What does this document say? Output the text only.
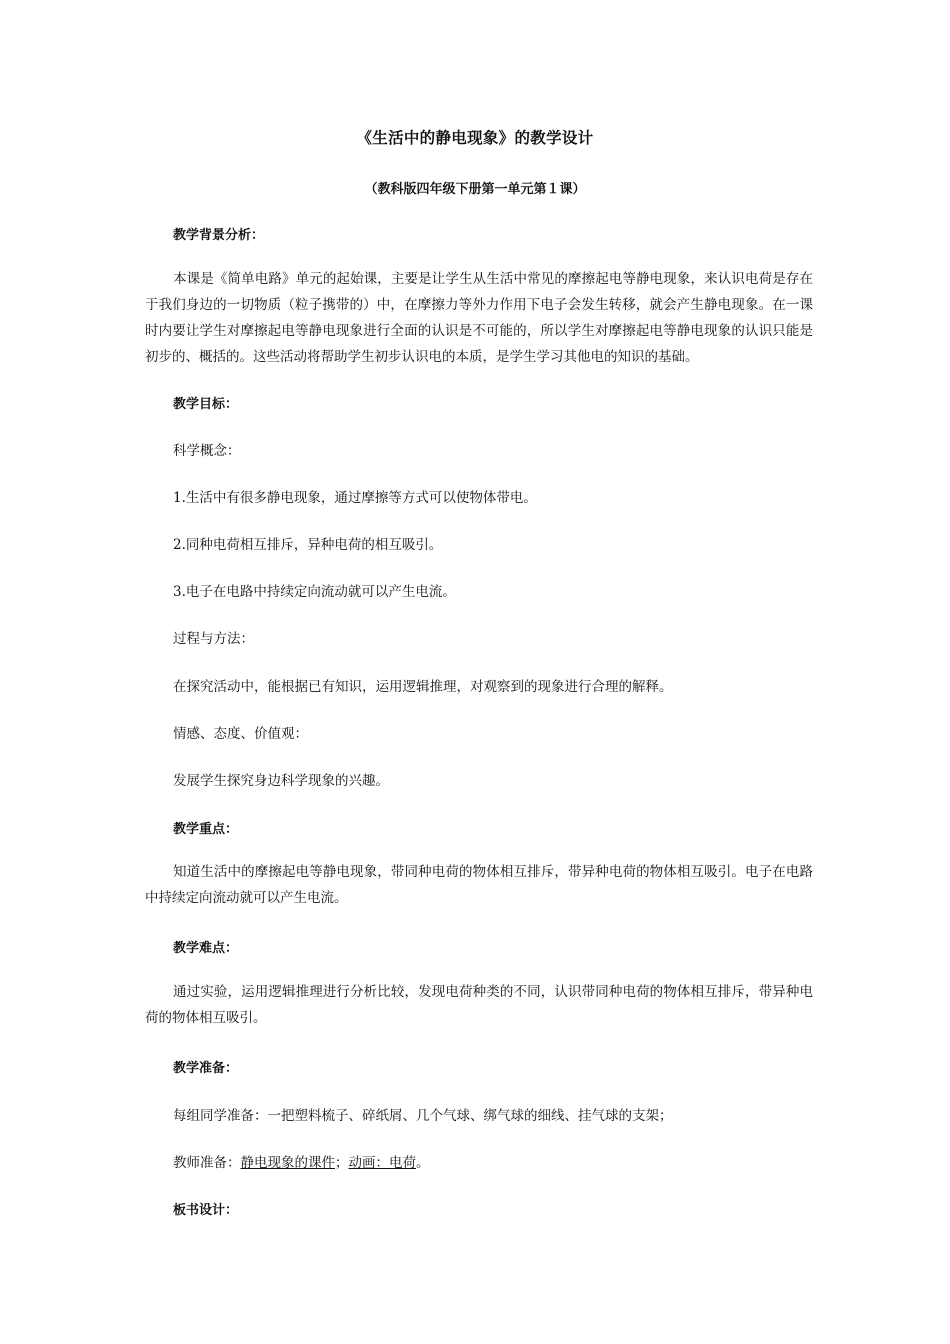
《生活中的静电现象》的教学设计
（教科版四年级下册第一单元第１课）
教学背景分析：
本课是《简单电路》单元的起始课，主要是让学生从生活中常见的摩擦起电等静电现象，来认识电荷是存在于我们身边的一切物质（粒子携带的）中，在摩擦力等外力作用下电子会发生转移，就会产生静电现象。在一课时内要让学生对摩擦起电等静电现象进行全面的认识是不可能的，所以学生对摩擦起电等静电现象的认识只能是初步的、概括的。这些活动将帮助学生初步认识电的本质，是学生学习其他电的知识的基础。
教学目标：
科学概念：
1.生活中有很多静电现象，通过摩擦等方式可以使物体带电。
2.同种电荷相互排斥，异种电荷的相互吸引。
3.电子在电路中持续定向流动就可以产生电流。
过程与方法：
在探究活动中，能根据已有知识，运用逻辑推理，对观察到的现象进行合理的解释。
情感、态度、价值观：
发展学生探究身边科学现象的兴趣。
教学重点：
知道生活中的摩擦起电等静电现象，带同种电荷的物体相互排斥，带异种电荷的物体相互吸引。电子在电路中持续定向流动就可以产生电流。
教学难点：
通过实验，运用逻辑推理进行分析比较，发现电荷种类的不同，认识带同种电荷的物体相互排斥，带异种电荷的物体相互吸引。
教学准备：
每组同学准备：一把塑料梳子、碎纸屑、几个气球、绑气球的细线、挂气球的支架；
教师准备：静电现象的课件；动画：电荷。
板书设计：
